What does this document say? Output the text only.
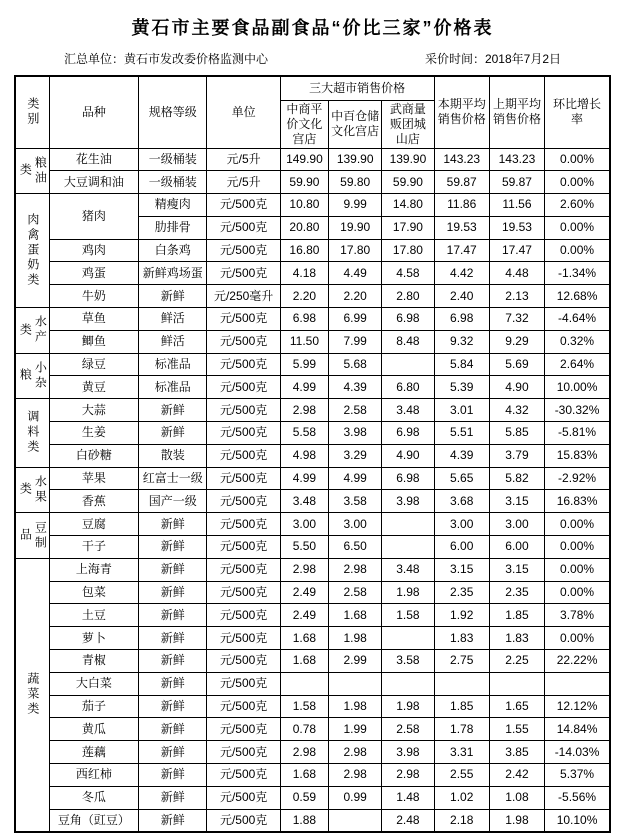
黄石市主要食品副食品“价比三家”价格表
汇总单位：黄石市发改委价格监测中心	采价时间：2018年7月2日
类别	品种	规格等级	单位	三大超市销售价格			本期平均销售价格	上期平均销售价格	环比增长率
				中商平价文化宫店	中百仓储文化宫店	武商量贩团城山店			
粮油类	花生油	一级桶装	元/5升	149.90	139.90	139.90	143.23	143.23	0.00%
	大豆调和油	一级桶装	元/5升	59.90	59.80	59.90	59.87	59.87	0.00%
肉禽蛋奶类	猪肉	精瘦肉	元/500克	10.80	9.99	14.80	11.86	11.56	2.60%
		肋排骨	元/500克	20.80	19.90	17.90	19.53	19.53	0.00%
	鸡肉	白条鸡	元/500克	16.80	17.80	17.80	17.47	17.47	0.00%
	鸡蛋	新鲜鸡场蛋	元/500克	4.18	4.49	4.58	4.42	4.48	-1.34%
	牛奶	新鲜	元/250毫升	2.20	2.20	2.80	2.40	2.13	12.68%
水产类	草鱼	鲜活	元/500克	6.98	6.99	6.98	6.98	7.32	-4.64%
	鲫鱼	鲜活	元/500克	11.50	7.99	8.48	9.32	9.29	0.32%
小杂粮	绿豆	标准品	元/500克	5.99	5.68		5.84	5.69	2.64%
	黄豆	标准品	元/500克	4.99	4.39	6.80	5.39	4.90	10.00%
调料类	大蒜	新鲜	元/500克	2.98	2.58	3.48	3.01	4.32	-30.32%
	生姜	新鲜	元/500克	5.58	3.98	6.98	5.51	5.85	-5.81%
	白砂糖	散装	元/500克	4.98	3.29	4.90	4.39	3.79	15.83%
水果类	苹果	红富士一级	元/500克	4.99	4.99	6.98	5.65	5.82	-2.92%
	香蕉	国产一级	元/500克	3.48	3.58	3.98	3.68	3.15	16.83%
豆制品	豆腐	新鲜	元/500克	3.00	3.00		3.00	3.00	0.00%
	干子	新鲜	元/500克	5.50	6.50		6.00	6.00	0.00%
蔬菜类	上海青	新鲜	元/500克	2.98	2.98	3.48	3.15	3.15	0.00%
	包菜	新鲜	元/500克	2.49	2.58	1.98	2.35	2.35	0.00%
	土豆	新鲜	元/500克	2.49	1.68	1.58	1.92	1.85	3.78%
	萝卜	新鲜	元/500克	1.68	1.98		1.83	1.83	0.00%
	青椒	新鲜	元/500克	1.68	2.99	3.58	2.75	2.25	22.22%
	大白菜	新鲜	元/500克						
	茄子	新鲜	元/500克	1.58	1.98	1.98	1.85	1.65	12.12%
	黄瓜	新鲜	元/500克	0.78	1.99	2.58	1.78	1.55	14.84%
	莲藕	新鲜	元/500克	2.98	2.98	3.98	3.31	3.85	-14.03%
	西红柿	新鲜	元/500克	1.68	2.98	2.98	2.55	2.42	5.37%
	冬瓜	新鲜	元/500克	0.59	0.99	1.48	1.02	1.08	-5.56%
	豆角（豇豆）	新鲜	元/500克	1.88		2.48	2.18	1.98	10.10%
